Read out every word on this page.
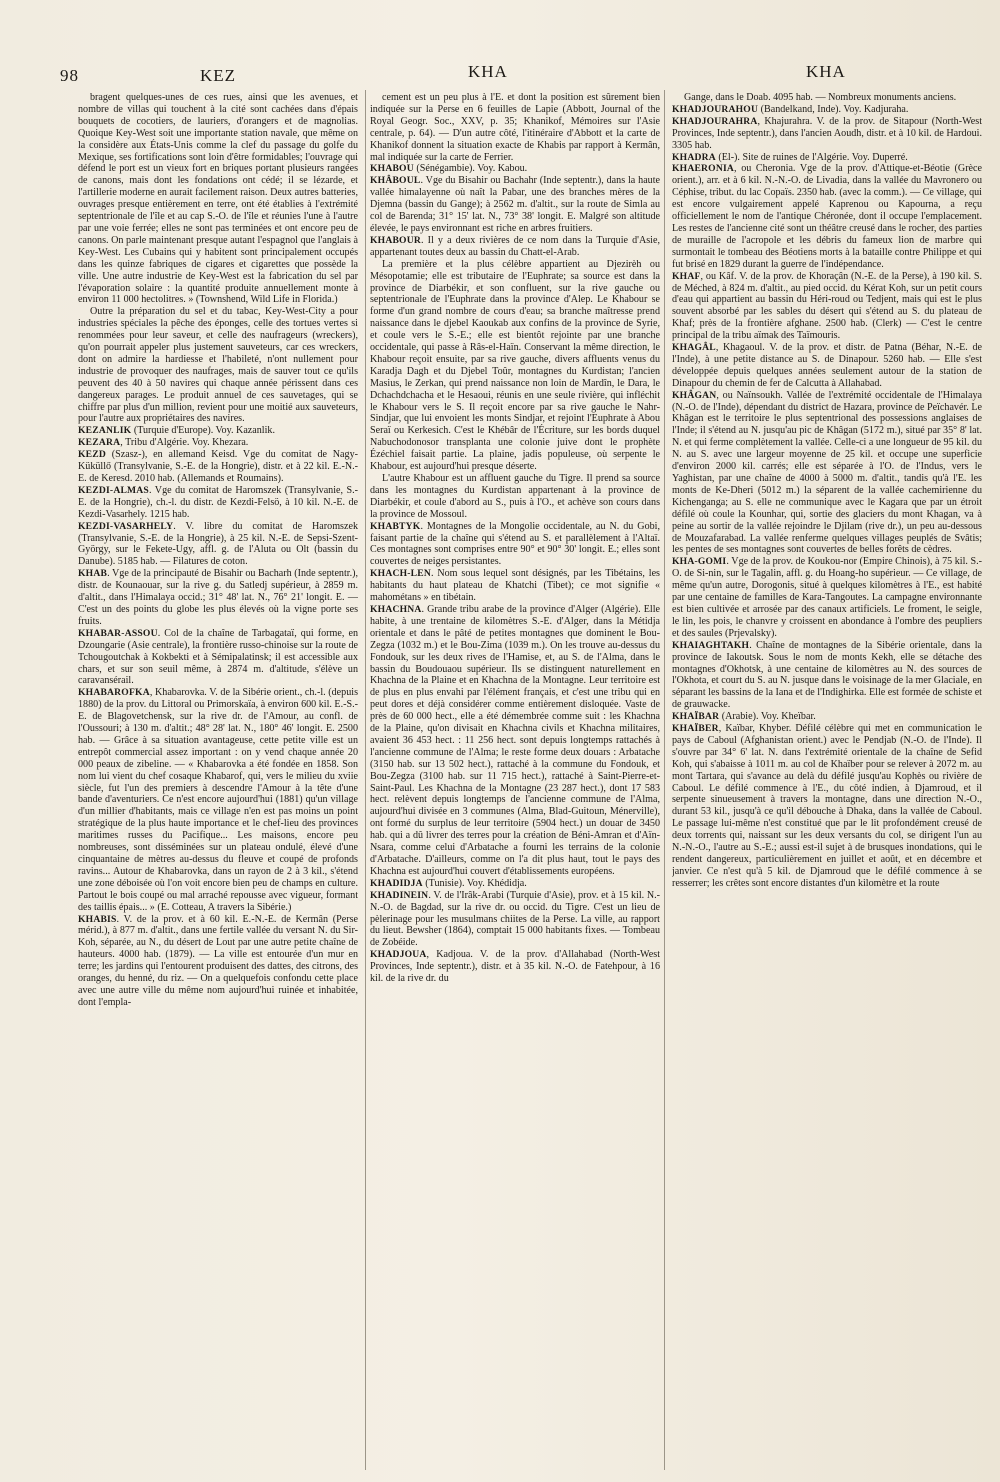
98	KEZ	KHA	KHA

bragent quelques-unes de ces rues, ainsi que les avenues, et nombre de villas qui touchent à la cité sont cachées dans d'épais bouquets de cocotiers, de lauriers, d'orangers et de magnolias. Quoique Key-West soit une importante station navale, que même on la considère aux États-Unis comme la clef du passage du golfe du Mexique, ses fortifications sont loin d'être formidables; l'ouvrage qui défend le port est un vieux fort en briques portant plusieurs rangées de canons, mais dont les fondations ont cédé; il se lézarde, et l'artillerie moderne en aurait facilement raison. Deux autres batteries, ouvrages presque entièrement en terre, ont été établies à l'extrémité septentrionale de l'île et au cap S.-O. de l'île et réunies l'une à l'autre par une voie ferrée; elles ne sont pas terminées et ont encore peu de canons. On parle maintenant presque autant l'espagnol que l'anglais à Key-West. Les Cubains qui y habitent sont principalement occupés dans les quinze fabriques de cigares et cigarettes que possède la ville. Une autre industrie de Key-West est la fabrication du sel par l'évaporation solaire : la quantité produite annuellement monte à environ 11 000 hectolitres. » (Townshend, Wild Life in Florida.)

Outre la préparation du sel et du tabac, Key-West-City a pour industries spéciales la pêche des éponges, celle des tortues vertes si renommées pour leur saveur, et celle des naufrageurs (wreckers), qu'on pourrait appeler plus justement sauveteurs, car ces wreckers, dont on admire la hardiesse et l'habileté, n'ont nullement pour industrie de provoquer des naufrages, mais de sauver tout ce qu'ils peuvent des 40 à 50 navires qui chaque année périssent dans ces dangereux parages. Le produit annuel de ces sauvetages, qui se chiffre par plus d'un million, revient pour une moitié aux sauveteurs, pour l'autre aux propriétaires des navires.

KEZANLIK (Turquie d'Europe). Voy. Kazanlik.

KEZARA, Tribu d'Algérie. Voy. Khezara.

KEZD (Szasz-), en allemand Keisd. Vge du comitat de Nagy-Küküllő (Transylvanie, S.-E. de la Hongrie), distr. et à 22 kil. E.-N.-E. de Keresd. 2010 hab. (Allemands et Roumains).

KEZDI-ALMAS. Vge du comitat de Haromszek (Transylvanie, S.-E. de la Hongrie), ch.-l. du distr. de Kezdi-Felsö, à 10 kil. N.-E. de Kezdi-Vasarhely. 1215 hab.

KEZDI-VASARHELY. V. libre du comitat de Haromszek (Transylvanie, S.-E. de la Hongrie), à 25 kil. N.-E. de Sepsi-Szent-György, sur le Fekete-Ugy, affl. g. de l'Aluta ou Olt (bassin du Danube). 5185 hab. — Filatures de coton.

KHAB. Vge de la principauté de Bisahir ou Bacharh (Inde septentr.), distr. de Kounaouar, sur la rive g. du Satledj supérieur, à 2859 m. d'altit., dans l'Himalaya occid.; 31° 48' lat. N., 76° 21' longit. E. — C'est un des points du globe les plus élevés où la vigne porte ses fruits.

KHABAR-ASSOU. Col de la chaîne de Tarbagataï, qui forme, en Dzoungarie (Asie centrale), la frontière russo-chinoise sur la route de Tchougoutchak à Kokbekti et à Sémipalatinsk; il est accessible aux chars, et sur son seuil même, à 2874 m. d'altitude, s'élève un caravansérail.

KHABAROFKA, Khabarovka. V. de la Sibérie orient., ch.-l. (depuis 1880) de la prov. du Littoral ou Primorskaïa, à environ 600 kil. E.-S.-E. de Blagovetchensk, sur la rive dr. de l'Amour, au confl. de l'Oussouri; à 130 m. d'altit.; 48° 28' lat. N., 180° 46' longit. E. 2500 hab. — Grâce à sa situation avantageuse, cette petite ville est un entrepôt commercial assez important : on y vend chaque année 20 000 peaux de zibeline. — « Khabarovka a été fondée en 1858. Son nom lui vient du chef cosaque Khabarof, qui, vers le milieu du xviie siècle, fut l'un des premiers à descendre l'Amour à la tête d'une bande d'aventuriers. Ce n'est encore aujourd'hui (1881) qu'un village d'un millier d'habitants, mais ce village n'en est pas moins un point stratégique de la plus haute importance et le chef-lieu des provinces maritimes russes du Pacifique... Les maisons, encore peu nombreuses, sont disséminées sur un plateau ondulé, élevé d'une cinquantaine de mètres au-dessus du fleuve et coupé de profonds ravins... Autour de Khabarovka, dans un rayon de 2 à 3 kil., s'étend une zone déboisée où l'on voit encore bien peu de champs en culture. Partout le bois coupé ou mal arraché repousse avec vigueur, formant des taillis épais... » (E. Cotteau, A travers la Sibérie.)

KHABIS. V. de la prov. et à 60 kil. E.-N.-E. de Kermân (Perse mérid.), à 877 m. d'altit., dans une fertile vallée du versant N. du Sir-Koh, séparée, au N., du désert de Lout par une autre petite chaîne de hauteurs. 4000 hab. (1879). — La ville est entourée d'un mur en terre; les jardins qui l'entourent produisent des dattes, des citrons, des oranges, du henné, du riz. — On a quelquefois confondu cette place avec une autre ville du même nom aujourd'hui ruinée et inhabitée, dont l'empla-

cement est un peu plus à l'E. et dont la position est sûrement bien indiquée sur la Perse en 6 feuilles de Lapie (Abbott, Journal of the Royal Geogr. Soc., XXV, p. 35; Khanikof, Mémoires sur l'Asie centrale, p. 64). — D'un autre côté, l'itinéraire d'Abbott et la carte de Khanikof donnent la situation exacte de Khabis par rapport à Kermân, mal indiquée sur la carte de Ferrier.

KHABOU (Sénégambie). Voy. Kabou.

KHÂBOUL. Vge du Bisahir ou Bachahr (Inde septentr.), dans la haute vallée himalayenne où naît la Pabar, une des branches mères de la Djemna (bassin du Gange); à 2562 m. d'altit., sur la route de Simla au col de Barenda; 31° 15' lat. N., 73° 38' longit. E. Malgré son altitude élevée, le pays environnant est riche en arbres fruitiers.

KHABOUR. Il y a deux rivières de ce nom dans la Turquie d'Asie, appartenant toutes deux au bassin du Chatt-el-Arab.

La première et la plus célèbre appartient au Djezirèh ou Mésopotamie; elle est tributaire de l'Euphrate; sa source est dans la province de Diarbékir, et son confluent, sur la rive gauche ou septentrionale de l'Euphrate dans la province d'Alep. Le Khabour se forme d'un grand nombre de cours d'eau; sa branche maîtresse prend naissance dans le djebel Kaoukab aux confins de la province de Syrie, et coule vers le S.-E.; elle est bientôt rejointe par une branche occidentale, qui passe à Râs-el-Haïn. Conservant la même direction, le Khabour reçoit ensuite, par sa rive gauche, divers affluents venus du Karadja Dagh et du Djebel Toûr, montagnes du Kurdistan; l'ancien Masius, le Zerkan, qui prend naissance non loin de Mardîn, le Dara, le Dchachdchacha et le Hesaoui, réunis en une seule rivière, qui infléchit le Khabour vers le S. Il reçoit encore par sa rive gauche le Nahr-Sindjar, que lui envoient les monts Sindjar, et rejoint l'Euphrate à Abou Seraï ou Kerkesich. C'est le Khébâr de l'Écriture, sur les bords duquel Nabuchodonosor transplanta une colonie juive dont le prophète Ézéchiel faisait partie. La plaine, jadis populeuse, où serpente le Khabour, est aujourd'hui presque déserte.

L'autre Khabour est un affluent gauche du Tigre. Il prend sa source dans les montagnes du Kurdistan appartenant à la province de Diarbékir, et coule d'abord au S., puis à l'O., et achève son cours dans la province de Mossoul.

KHABTYK. Montagnes de la Mongolie occidentale, au N. du Gobi, faisant partie de la chaîne qui s'étend au S. et parallèlement à l'Altaï. Ces montagnes sont comprises entre 90° et 90° 30' longit. E.; elles sont couvertes de neiges persistantes.

KHACH-LEN. Nom sous lequel sont désignés, par les Tibétains, les habitants du haut plateau de Khatchi (Tibet); ce mot signifie « mahométans » en tibétain.

KHACHNA. Grande tribu arabe de la province d'Alger (Algérie). Elle habite, à une trentaine de kilomètres S.-E. d'Alger, dans la Métidja orientale et dans le pâté de petites montagnes que dominent le Bou-Zegza (1032 m.) et le Bou-Zima (1039 m.). On les trouve au-dessus du Fondouk, sur les deux rives de l'Hamise, et, au S. de l'Alma, dans le bassin du Boudouaou supérieur. Ils se distinguent naturellement en Khachna de la Plaine et en Khachna de la Montagne. Leur territoire est de plus en plus envahi par l'élément français, et c'est une tribu qui en peut dores et déjà considérer comme entièrement disloquée. Vaste de près de 60 000 hect., elle a été démembrée comme suit : les Khachna de la Plaine, qu'on divisait en Khachna civils et Khachna militaires, avaient 36 453 hect. : 11 256 hect. sont depuis longtemps rattachés à l'ancienne commune de l'Alma; le reste forme deux douars : Arbatache (3150 hab. sur 13 502 hect.), rattaché à la commune du Fondouk, et Bou-Zegza (3100 hab. sur 11 715 hect.), rattaché à Saint-Pierre-et-Saint-Paul. Les Khachna de la Montagne (23 287 hect.), dont 17 583 hect. relèvent depuis longtemps de l'ancienne commune de l'Alma, aujourd'hui divisée en 3 communes (Alma, Blad-Guitoun, Ménerville), ont formé du surplus de leur territoire (5904 hect.) un douar de 3450 hab. qui a dû livrer des terres pour la création de Béni-Amran et d'Aïn-Nsara, comme celui d'Arbatache a fourni les terrains de la colonie d'Arbatache. D'ailleurs, comme on l'a dit plus haut, tout le pays des Khachna est aujourd'hui couvert d'établissements européens.

KHADIDJA (Tunisie). Voy. Khédidja.

KHADINEIN. V. de l'Irâk-Arabi (Turquie d'Asie), prov. et à 15 kil. N.-N.-O. de Bagdad, sur la rive dr. ou occid. du Tigre. C'est un lieu de pèlerinage pour les musulmans chiites de la Perse. La ville, au rapport du lieut. Bewsher (1864), comptait 15 000 habitants fixes. — Tombeau de Zobéide.

KHADJOUA, Kadjoua. V. de la prov. d'Allahabad (North-West Provinces, Inde septentr.), distr. et à 35 kil. N.-O. de Fatehpour, à 16 kil. de la rive dr. du

Gange, dans le Doab. 4095 hab. — Nombreux monuments anciens.

KHADJOURAHOU (Bandelkand, Inde). Voy. Kadjuraha.

KHADJOURAHRA, Khajurahra. V. de la prov. de Sitapour (North-West Provinces, Inde septentr.), dans l'ancien Aoudh, distr. et à 10 kil. de Hardoui. 3305 hab.

KHADRA (El-). Site de ruines de l'Algérie. Voy. Duperré.

KHAERONIA, ou Cheronia. Vge de la prov. d'Attique-et-Béotie (Grèce orient.), arr. et à 6 kil. N.-N.-O. de Livadia, dans la vallée du Mavronero ou Céphise, tribut. du lac Copaïs. 2350 hab. (avec la comm.). — Ce village, qui est encore vulgairement appelé Kaprenou ou Kapourna, a reçu officiellement le nom de l'antique Chéronée, dont il occupe l'emplacement. Les restes de l'ancienne cité sont un théâtre creusé dans le rocher, des parties de muraille de l'acropole et les débris du fameux lion de marbre qui surmontait le tombeau des Béotiens morts à la bataille contre Philippe et qui fut brisé en 1829 durant la guerre de l'indépendance.

KHAF, ou Kâf. V. de la prov. de Khoraçân (N.-E. de la Perse), à 190 kil. S. de Méched, à 824 m. d'altit., au pied occid. du Kérat Koh, sur un petit cours d'eau qui appartient au bassin du Héri-roud ou Tedjent, mais qui est le plus souvent absorbé par les sables du désert qui s'étend au S. du plateau de Khaf; près de la frontière afghane. 2500 hab. (Clerk) — C'est le centre principal de la tribu aïmak des Taïmouris.

KHAGÂL, Khagaoul. V. de la prov. et distr. de Patna (Béhar, N.-E. de l'Inde), à une petite distance au S. de Dinapour. 5260 hab. — Elle s'est développée depuis quelques années seulement autour de la station de Dinapour du chemin de fer de Calcutta à Allahabad.

KHÂGAN, ou Naïnsoukh. Vallée de l'extrémité occidentale de l'Himalaya (N.-O. de l'Inde), dépendant du district de Hazara, province de Peïchavér. Le Khâgan est le territoire le plus septentrional des possessions anglaises de l'Inde; il s'étend au N. jusqu'au pic de Khâgan (5172 m.), situé par 35° 8' lat. N. et qui ferme complètement la vallée. Celle-ci a une longueur de 95 kil. du N. au S. avec une largeur moyenne de 25 kil. et occupe une superficie d'environ 2000 kil. carrés; elle est séparée à l'O. de l'Indus, vers le Yaghistan, par une chaîne de 4000 à 5000 m. d'altit., tandis qu'à l'E. les monts de Ke-Dheri (5012 m.) la séparent de la vallée cachemirienne du Kichenganga; au S. elle ne communique avec le Kagara que par un étroit défilé où coule la Kounhar, qui, sortie des glaciers du mont Khagan, va à peine au sortir de la vallée rejoindre le Djilam (rive dr.), un peu au-dessous de Mouzafarabad. La vallée renferme quelques villages peuplés de Svâtis; les pentes de ses montagnes sont couvertes de belles forêts de cèdres.

KHA-GOMI. Vge de la prov. de Koukou-nor (Empire Chinois), à 75 kil. S.-O. de Si-nin, sur le Tagalin, affl. g. du Hoang-ho supérieur. — Ce village, de même qu'un autre, Dorogonis, situé à quelques kilomètres à l'E., est habité par une centaine de familles de Kara-Tangoutes. La campagne environnante est bien cultivée et arrosée par des canaux artificiels. Le froment, le seigle, le lin, les pois, le chanvre y croissent en abondance à l'ombre des peupliers et des saules (Prjevalsky).

KHAIAGHTAKH. Chaîne de montagnes de la Sibérie orientale, dans la province de Iakoutsk. Sous le nom de monts Kekh, elle se détache des montagnes d'Okhotsk, à une centaine de kilomètres au N. des sources de l'Okhota, et court du S. au N. jusque dans le voisinage de la mer Glaciale, en séparant les bassins de la Iana et de l'Indighirka. Elle est formée de schiste et de grauwacke.

KHAÏBAR (Arabie). Voy. Kheïbar.

KHAÏBER, Kaïbar, Khyber. Défilé célèbre qui met en communication le pays de Caboul (Afghanistan orient.) avec le Pendjab (N.-O. de l'Inde). Il s'ouvre par 34° 6' lat. N. dans l'extrémité orientale de la chaîne de Sefid Koh, qui s'abaisse à 1011 m. au col de Khaïber pour se relever à 2072 m. au mont Tartara, qui s'avance au delà du défilé jusqu'au Kophès ou rivière de Caboul. Le défilé commence à l'E., du côté indien, à Djamroud, et il serpente sinueusement à travers la montagne, dans une direction N.-O., durant 53 kil., jusqu'à ce qu'il débouche à Dhaka, dans la vallée de Caboul. Le passage lui-même n'est constitué que par le lit profondément creusé de deux torrents qui, naissant sur les deux versants du col, se dirigent l'un au N.-N.-O., l'autre au S.-E.; aussi est-il sujet à de brusques inondations, qui le rendent dangereux, particulièrement en juillet et août, et en décembre et janvier. Ce n'est qu'à 5 kil. de Djamroud que le défilé commence à se resserrer; les crêtes sont encore distantes d'un kilomètre et la route
